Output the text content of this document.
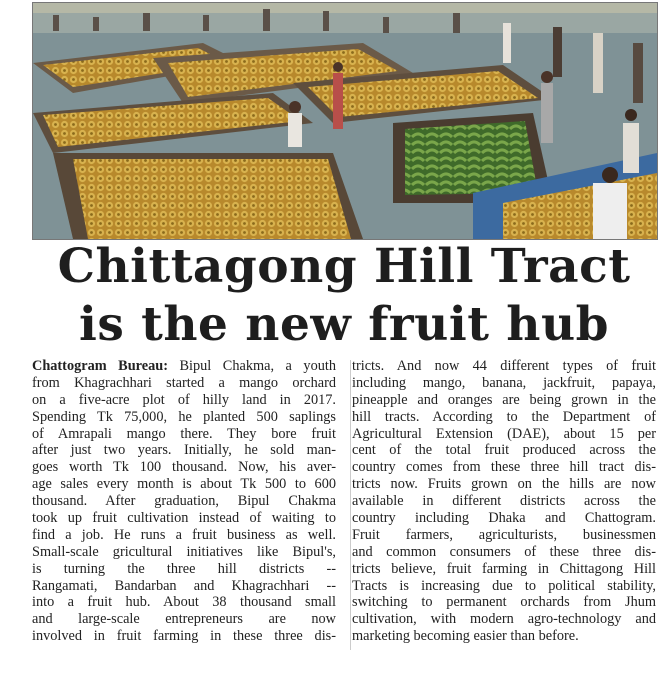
Chittagong Hill Tract
is the new fruit hub
Chattogram Bureau: Bipul Chakma, a youth
from Khagrachhari started a mango orchard
on a five-acre plot of hilly land in 2017.
Spending Tk 75,000, he planted 500 saplings
of Amrapali mango there. They bore fruit
after just two years. Initially, he sold man-
goes worth Tk 100 thousand. Now, his aver-
age sales every month is about Tk 500 to 600
thousand. After graduation, Bipul Chakma
took up fruit cultivation instead of waiting to
find a job. He runs a fruit business as well.
Small-scale gricultural initiatives like Bipul's,
is turning the three hill districts --
Rangamati, Bandarban and Khagrachhari --
into a fruit hub. About 38 thousand small
and large-scale entrepreneurs are now
involved in fruit farming in these three dis-
tricts. And now 44 different types of fruit
including mango, banana, jackfruit, papaya,
pineapple and oranges are being grown in the
hill tracts. According to the Department of
Agricultural Extension (DAE), about 15 per
cent of the total fruit produced across the
country comes from these three hill tract dis-
tricts now. Fruits grown on the hills are now
available in different districts across the
country including Dhaka and Chattogram.
Fruit farmers, agriculturists, businessmen
and common consumers of these three dis-
tricts believe, fruit farming in Chittagong Hill
Tracts is increasing due to political stability,
switching to permanent orchards from Jhum
cultivation, with modern agro-technology and
marketing becoming easier than before.
